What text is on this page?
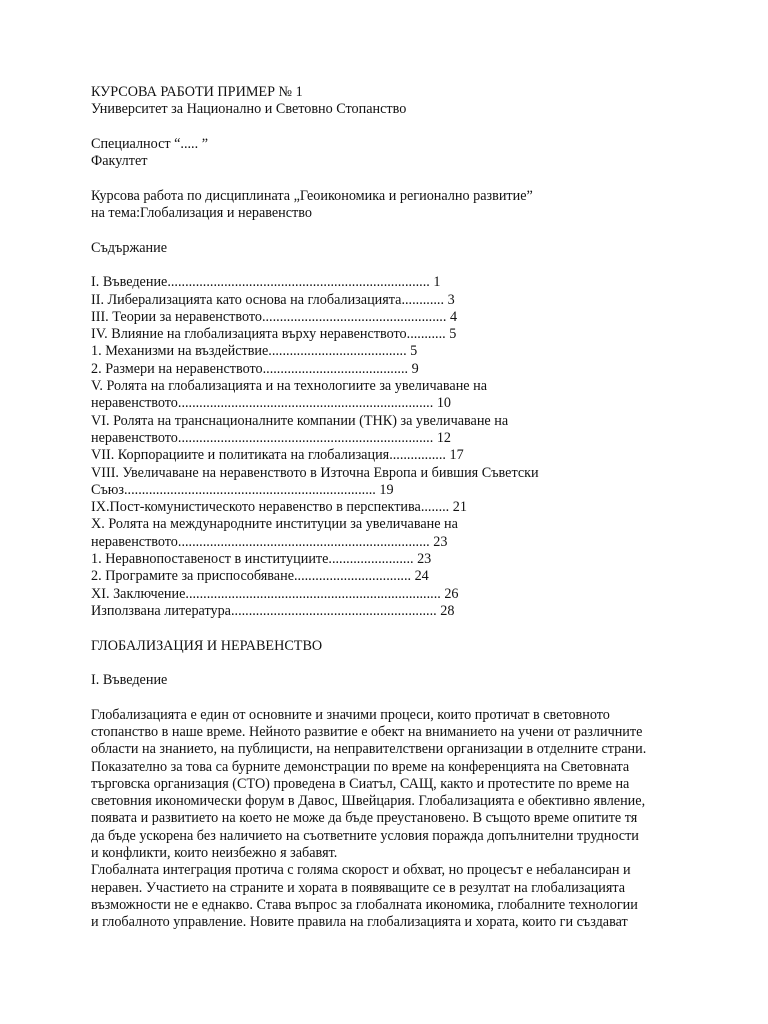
КУРСОВА РАБОТИ ПРИМЕР № 1
Университет за Национално и Световно Стопанство
Специалност “..... ”
Факултет
Курсова работа по дисциплината „Геоикономика и регионално развитие”
на тема:Глобализация и неравенство
Съдържание
I. Въведение.......................................................................... 1
II. Либерализацията като основа на глобализацията............ 3
III. Теории за неравенството.................................................... 4
IV. Влияние на глобализацията върху неравенството........... 5
1. Механизми на въздействие....................................... 5
2. Размери на неравенството......................................... 9
V. Ролята на глобализацията и на технологиите за увеличаване на
неравенството........................................................................ 10
VI. Ролята на транснационалните компании (ТНК) за увеличаване на
неравенството........................................................................ 12
VII. Корпорациите и политиката на глобализация................ 17
VIII. Увеличаване на неравенството в Източна Европа и бившия Съветски
Съюз....................................................................... 19
IX.Пост-комунистическото неравенство в перспектива........ 21
X. Ролята на международните институции за увеличаване на
неравенството....................................................................... 23
1. Неравнопоставеност в институциите........................ 23
2. Програмите за приспособяване................................. 24
XI. Заключение........................................................................ 26
Използвана литература.......................................................... 28
ГЛОБАЛИЗАЦИЯ И НЕРАВЕНСТВО
I. Въведение
Глобализацията е един от основните и значими процеси, които протичат в световното
стопанство в наше време. Нейното развитие е обект на вниманието на учени от различните
области на знанието, на публицисти, на неправителствени организации в отделните страни.
Показателно за това са бурните демонстрации по време на конференцията на Световната
търговска организация (СТО) проведена в Сиатъл, САЩ, както и протестите по време на
световния икономически форум в Давос, Швейцария. Глобализацията е обективно явление,
появата и развитието на което не може да бъде преустановено. В същото време опитите тя
да бъде ускорена без наличието на съответните условия поражда допълнителни трудности
и конфликти, които неизбежно я забавят.
Глобалната интеграция протича с голяма скорост и обхват, но процесът е небалансиран и
неравен. Участието на страните и хората в появяващите се в резултат на глобализацията
възможности не е еднакво. Става въпрос за глобалната икономика, глобалните технологии
и глобалното управление. Новите правила на глобализацията и хората, които ги създават
